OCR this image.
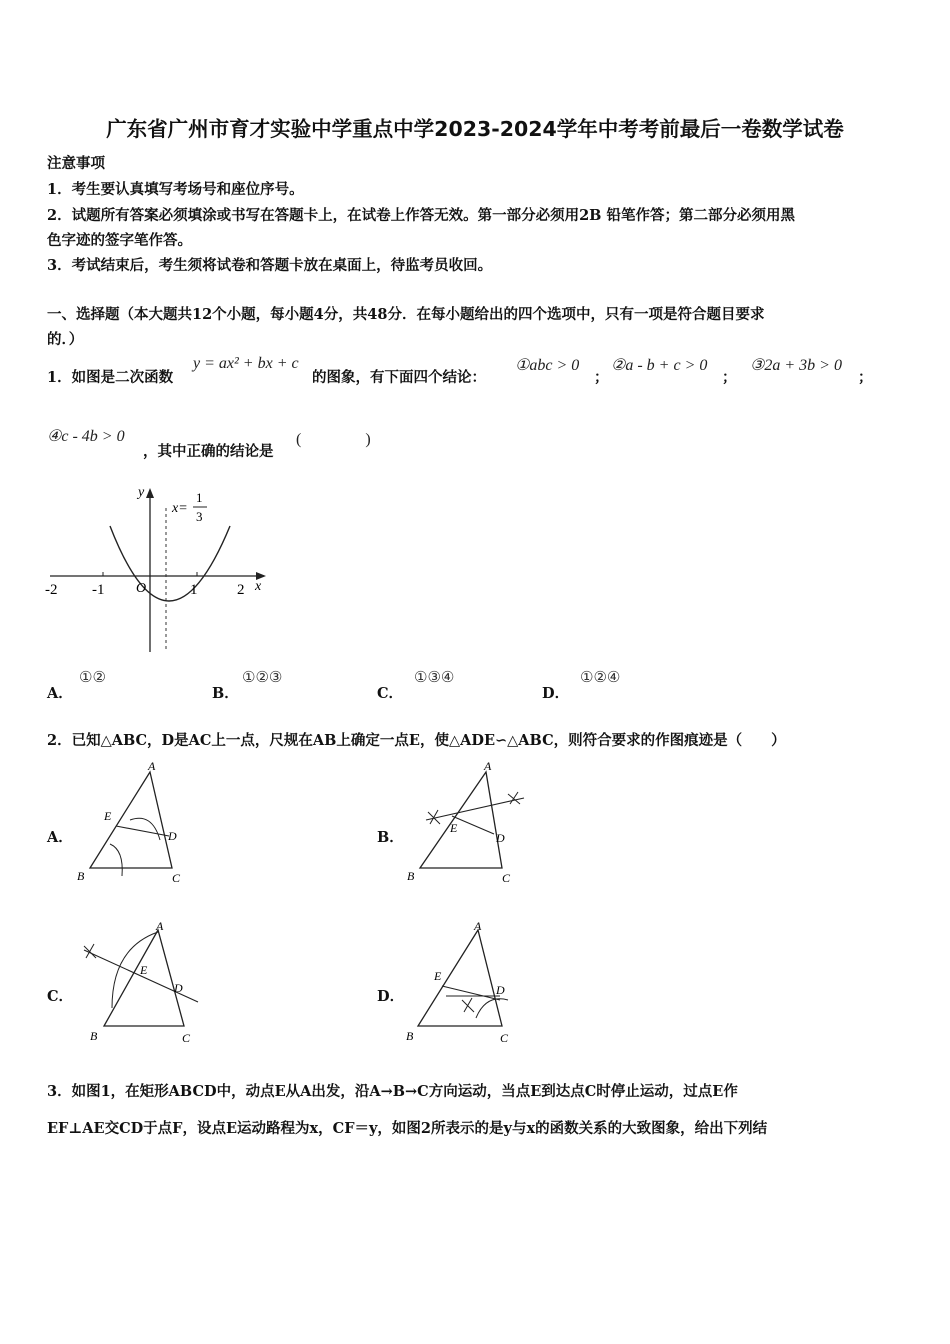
广东省广州市育才实验中学重点中学2023-2024学年中考考前最后一卷数学试卷
注意事项
1．考生要认真填写考场号和座位序号。
2．试题所有答案必须填涂或书写在答题卡上，在试卷上作答无效。第一部分必须用2B 铅笔作答；第二部分必须用黑
色字迹的签字笔作答。
3．考试结束后，考生须将试卷和答题卡放在桌面上，待监考员收回。
一、选择题（本大题共12个小题，每小题4分，共48分．在每小题给出的四个选项中，只有一项是符合题目要求
的．）
1．如图是二次函数
y = ax² + bx + c
的图象，有下面四个结论：
①abc > 0
；
②a - b + c > 0
；
③2a + 3b > 0
；
④c - 4b > 0
，其中正确的结论是
(　　　　)
-2 -1 O	1	2 x
y
x=
1
3
A．
①②
B．
①②③
C．
①③④
D．
①②④
2．已知△ABC，D是AC上一点，尺规在AB上确定一点E，使△ADE∽△ABC，则符合要求的作图痕迹是（　　）
A．
A
E
D
B	C
B．
A
E
D
B	C
C．
A
E
D
B	C
D．
A
E
D
B	C
3．如图1，在矩形ABCD中，动点E从A出发，沿A→B→C方向运动，当点E到达点C时停止运动，过点E作
EF⊥AE交CD于点F，设点E运动路程为x，CF＝y，如图2所表示的是y与x的函数关系的大致图象，给出下列结
